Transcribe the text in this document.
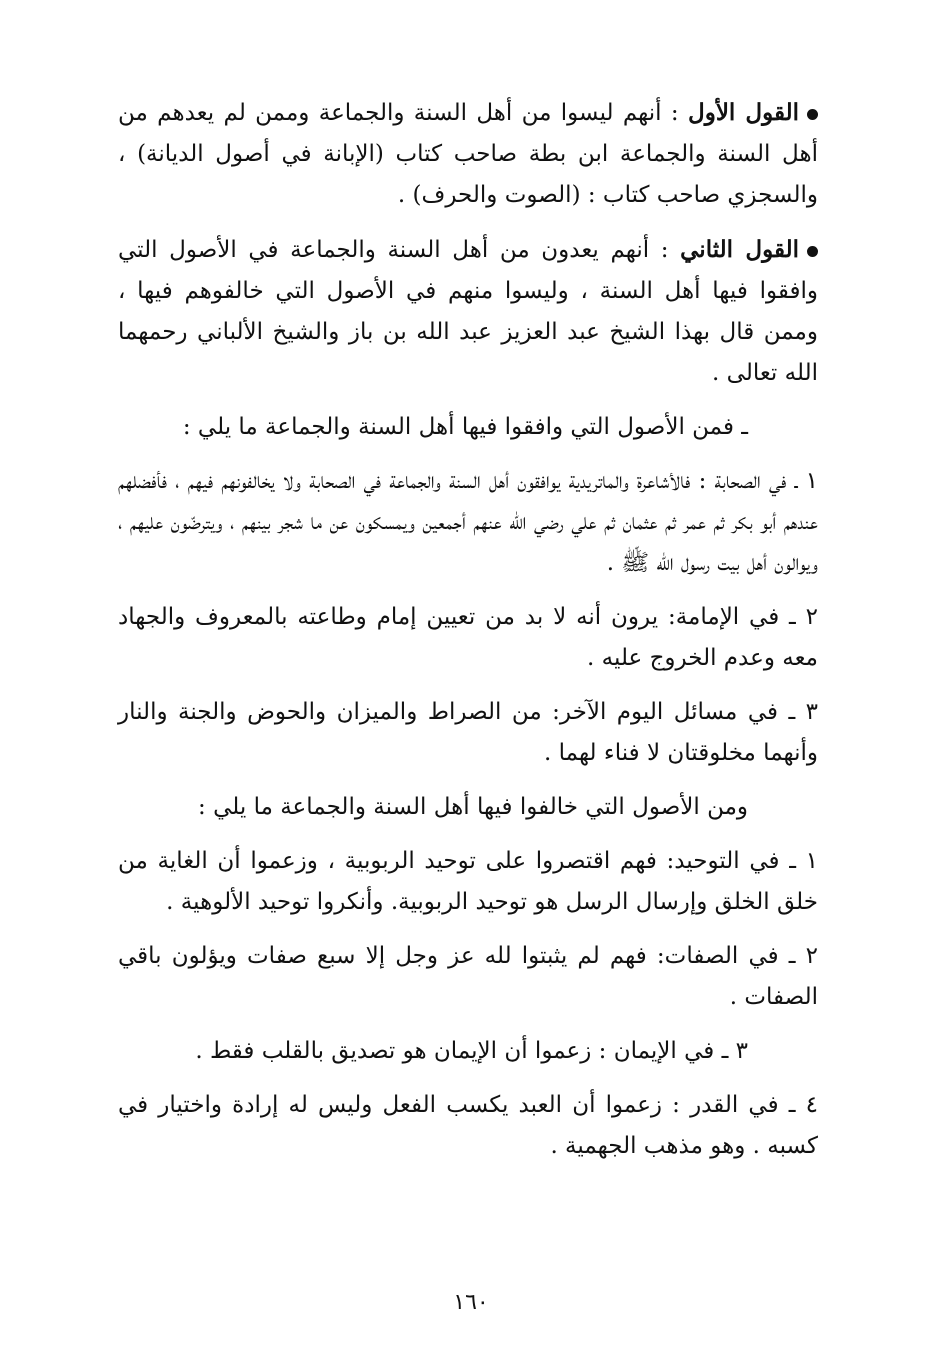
القول الأول : أنهم ليسوا من أهل السنة والجماعة وممن لم يعدهم من أهل السنة والجماعة ابن بطة صاحب كتاب (الإبانة في أصول الديانة) ، والسجزي صاحب كتاب : (الصوت والحرف) .

القول الثاني : أنهم يعدون من أهل السنة والجماعة في الأصول التي وافقوا فيها أهل السنة ، وليسوا منهم في الأصول التي خالفوهم فيها ، وممن قال بهذا الشيخ عبد العزيز عبد الله بن باز والشيخ الألباني رحمهما الله تعالى .

ـ فمن الأصول التي وافقوا فيها أهل السنة والجماعة ما يلي :

١ ـ في الصحابة : فالأشاعرة والماتريدية يوافقون أهل السنة والجماعة في الصحابة ولا يخالفونهم فيهم ، فأفضلهم عندهم أبو بكر ثم عمر ثم عثمان ثم علي رضي الله عنهم أجمعين ويمسكون عن ما شجر بينهم ، ويترضّون عليهم ، ويوالون أهل بيت رسول الله ﷺ .

٢ ـ في الإمامة: يرون أنه لا بد من تعيين إمام وطاعته بالمعروف والجهاد معه وعدم الخروج عليه .

٣ ـ في مسائل اليوم الآخر: من الصراط والميزان والحوض والجنة والنار وأنهما مخلوقتان لا فناء لهما .

ومن الأصول التي خالفوا فيها أهل السنة والجماعة ما يلي :

١ ـ في التوحيد: فهم اقتصروا على توحيد الربوبية ، وزعموا أن الغاية من خلق الخلق وإرسال الرسل هو توحيد الربوبية. وأنكروا توحيد الألوهية .

٢ ـ في الصفات: فهم لم يثبتوا لله عز وجل إلا سبع صفات ويؤلون باقي الصفات .

٣ ـ في الإيمان : زعموا أن الإيمان هو تصديق بالقلب فقط .

٤ ـ في القدر : زعموا أن العبد يكسب الفعل وليس له إرادة واختيار في كسبه . وهو مذهب الجهمية .

١٦٠
